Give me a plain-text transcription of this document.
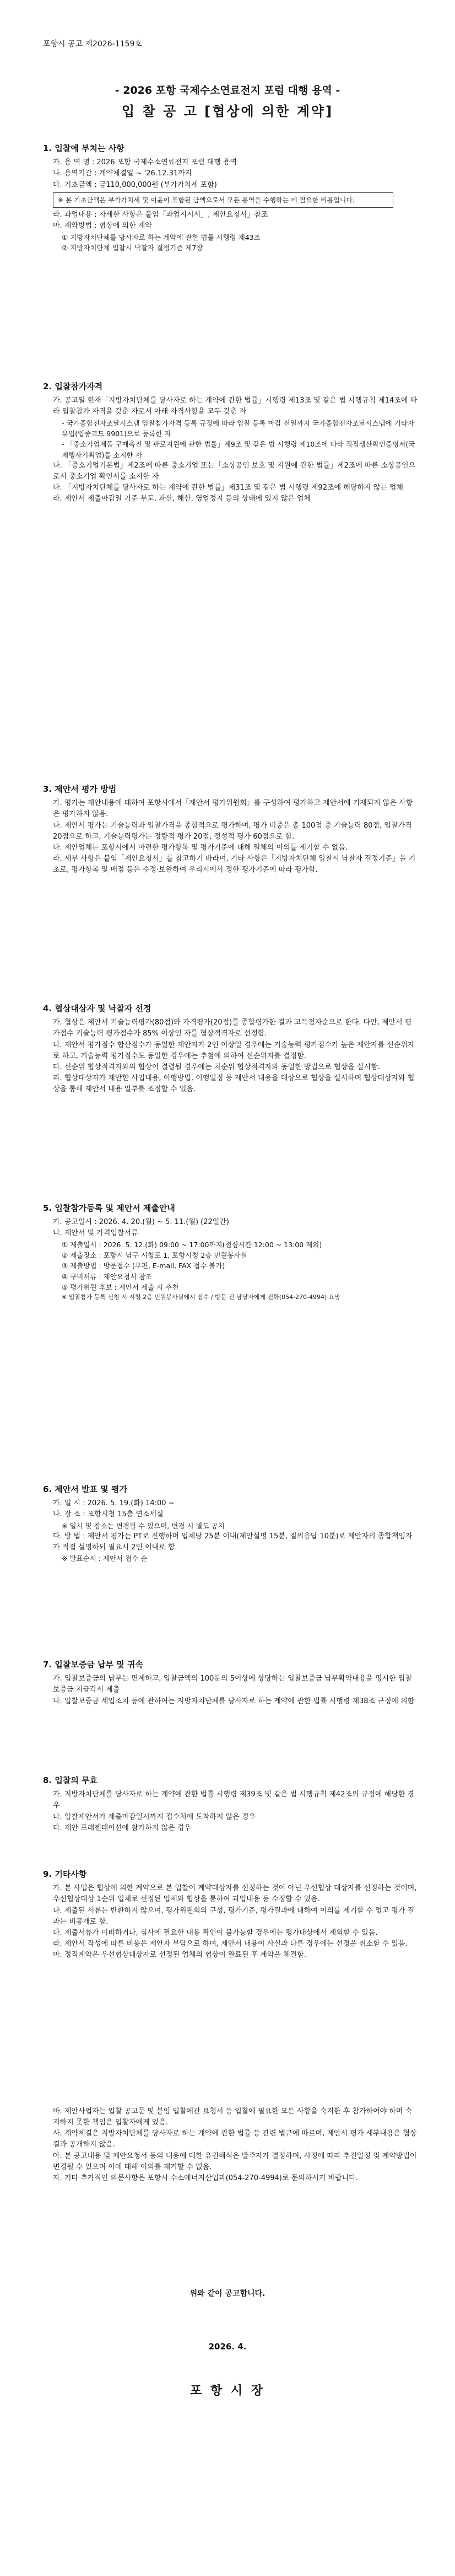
포항시 공고 제2026-1159호
- 2026 포항 국제수소연료전지 포럼 대행 용역 -
입 찰 공 고 [협상에 의한 계약]

1. 입찰에 부치는 사항

가. 용 역 명 : 2026 포항 국제수소연료전지 포럼 대행 용역

나. 용역기간 : 계약체결일 ~ '26.12.31까지

다. 기초금액 : 금110,000,000원 (부가가치세 포함)

※ 본 기초금액은 부가가치세 및 이윤이 포함된 금액으로서 모든 용역을 수행하는 데 필요한 비용입니다.

라. 과업내용 : 자세한 사항은 붙임「과업지시서」, 제안요청서」참조

마. 계약방법 : 협상에 의한 계약

① 지방자치단체를 당사자로 하는 계약에 관한 법률 시행령 제43조

② 지방자치단체 입찰시 낙찰자 결정기준 제7장

2. 입찰참가자격

가. 공고일 현재「지방자치단체를 당사자로 하는 계약에 관한 법률」시행령 제13조 및 같은 법 시행규칙 제14조에 따라 입찰참가 자격을 갖춘 자로서 아래 자격사항을 모두 갖춘 자

- 국가종합전자조달시스템 입찰참가자격 등록 규정에 따라 입찰 등록 마감 전일까지 국가종합전자조달시스템에 기타자유업(업종코드 9901)으로 등록한 자

- 「중소기업제품 구매촉진 및 판로지원에 관한 법률」제9조 및 같은 법 시행령 제10조에 따라 직접생산확인증명서(국제행사기획업)를 소지한 자

나. 「중소기업기본법」제2조에 따른 중소기업 또는「소상공인 보호 및 지원에 관한 법률」제2조에 따른 소상공인으로서 중소기업 확인서를 소지한 자

다. 「지방자치단체를 당사자로 하는 계약에 관한 법률」제31조 및 같은 법 시행령 제92조에 해당하지 않는 업체

라. 제안서 제출마감일 기준 부도, 파산, 해산, 영업정지 등의 상태에 있지 않은 업체

3. 제안서 평가 방법

가. 평가는 제안내용에 대하여 포항시에서「제안서 평가위원회」를 구성하여 평가하고 제안서에 기재되지 않은 사항은 평가하지 않음.

나. 제안서 평가는 기술능력과 입찰가격을 종합적으로 평가하며, 평가 비중은 총 100점 중 기술능력 80점, 입찰가격 20점으로 하고, 기술능력평가는 정량적 평가 20점, 정성적 평가 60점으로 함.

다. 제안업체는 포항시에서 마련한 평가항목 및 평가기준에 대해 일체의 이의를 제기할 수 없음.

라. 세부 사항은 붙임「제안요청서」를 참고하기 바라며, 기타 사항은「지방자치단체 입찰시 낙찰자 결정기준」을 기초로, 평가항목 및 배점 등은 수정·보완하여 우리시에서 정한 평가기준에 따라 평가함.

4. 협상대상자 및 낙찰자 선정

가. 협상은 제안서 기술능력평가(80점)와 가격평가(20점)를 종합평가한 결과 고득점자순으로 한다. 다만, 제안서 평가점수 기술능력 평가점수가 85% 이상인 자를 협상적격자로 선정함.

나. 제안서 평가점수 합산점수가 동일한 제안자가 2인 이상일 경우에는 기술능력 평가점수가 높은 제안자를 선순위자로 하고, 기술능력 평가점수도 동일한 경우에는 추첨에 의하여 선순위자를 결정함.

다. 선순위 협상적격자와의 협상이 결렬될 경우에는 차순위 협상적격자와 동일한 방법으로 협상을 실시함.

라. 협상대상자가 제안한 사업내용, 이행방법, 이행일정 등 제안서 내용을 대상으로 협상을 실시하며 협상대상자와 협상을 통해 제안서 내용 일부를 조정할 수 있음.

5. 입찰참가등록 및 제안서 제출안내

가. 공고일시 : 2026. 4. 20.(월) ~ 5. 11.(월) (22일간)

나. 제안서 및 가격입찰서류

① 제출일시 : 2026. 5. 12.(화) 09:00 ~ 17:00까지(점심시간 12:00 ~ 13:00 제외)

② 제출장소 : 포항시 남구 시청로 1, 포항시청 2층 민원봉사실

③ 제출방법 : 방문접수 (우편, E-mail, FAX 접수 불가)

④ 구비서류 : 제안요청서 참조

⑤ 평가위원 후보 : 제안서 제출 시 추천

※ 입찰참가 등록 신청 시 시청 2층 민원봉사실에서 접수 / 방문 전 담당자에게 전화(054-270-4994) 요망

6. 제안서 발표 및 평가

가. 일 시 : 2026. 5. 19.(화) 14:00 ~

나. 장 소 : 포항시청 15층 연소세실

※ 일시 및 장소는 변경될 수 있으며, 변경 시 별도 공지

다. 방 법 : 제안서 평가는 PT로 진행하며 업체당 25분 이내(제안설명 15분, 질의응답 10분)로 제안자의 종합책임자가 직접 설명하되 필요시 2인 이내로 함.

※ 발표순서 : 제안서 접수 순

7. 입찰보증금 납부 및 귀속

가. 입찰보증금의 납부는 면제하고, 입찰금액의 100분의 5이상에 상당하는 입찰보증금 납부확약내용을 명시한 입찰보증금 지급각서 제출

나. 입찰보증금 세입조치 등에 관하여는 지방자치단체를 당사자로 하는 계약에 관한 법률 시행령 제38조 규정에 의함

8. 입찰의 무효

가. 지방자치단체를 당사자로 하는 계약에 관한 법률 시행령 제39조 및 같은 법 시행규칙 제42조의 규정에 해당한 경우

나. 입찰제안서가 제출마감일시까지 접수처에 도착하지 않은 경우

다. 제안 프레젠테이션에 참가하지 않은 경우

9. 기타사항

가. 본 사업은 협상에 의한 계약으로 본 입찰이 계약대상자를 선정하는 것이 아닌 우선협상 대상자를 선정하는 것이며, 우선협상대상 1순위 업체로 선정된 업체와 협상을 통하여 과업내용 등 수정할 수 있음.

나. 제출된 서류는 반환하지 않으며, 평가위원회의 구성, 평가기준, 평가결과에 대하여 이의를 제기할 수 없고 평가 결과는 비공개로 함.

다. 제출서류가 미비하거나, 심사에 필요한 내용 확인이 불가능할 경우에는 평가대상에서 제외할 수 있음.

라. 제안서 작성에 따른 비용은 제안자 부담으로 하며, 제안서 내용이 사실과 다른 경우에는 선정을 취소할 수 있음.

마. 정직계약은 우선협상대상자로 선정된 업체의 협상이 완료된 후 계약을 체결함.

바. 제안사업자는 입찰 공고문 및 붙임 입찰에관 요청서 등 입찰에 필요한 모든 사항을 숙지한 후 참가하여야 하며 숙지하지 못한 책임은 입찰자에게 있음.

사. 계약체결은 지방자치단체를 당사자로 하는 계약에 관한 법률 등 관련 법규에 따르며, 제안서 평가 세부내용은 협상결과 공개하지 않음.

아. 본 공고내용 및 제안요청서 등의 내용에 대한 유권해석은 발주자가 결정하며, 사정에 따라 추진일정 및 계약방법이 변경될 수 있으며 이에 대해 이의를 제기할 수 없음.

자. 기타 추가적인 의문사항은 포항시 수소에너지산업과(054-270-4994)로 문의하시기 바랍니다.

위와 같이 공고합니다.
2026. 4.
포 항 시 장
